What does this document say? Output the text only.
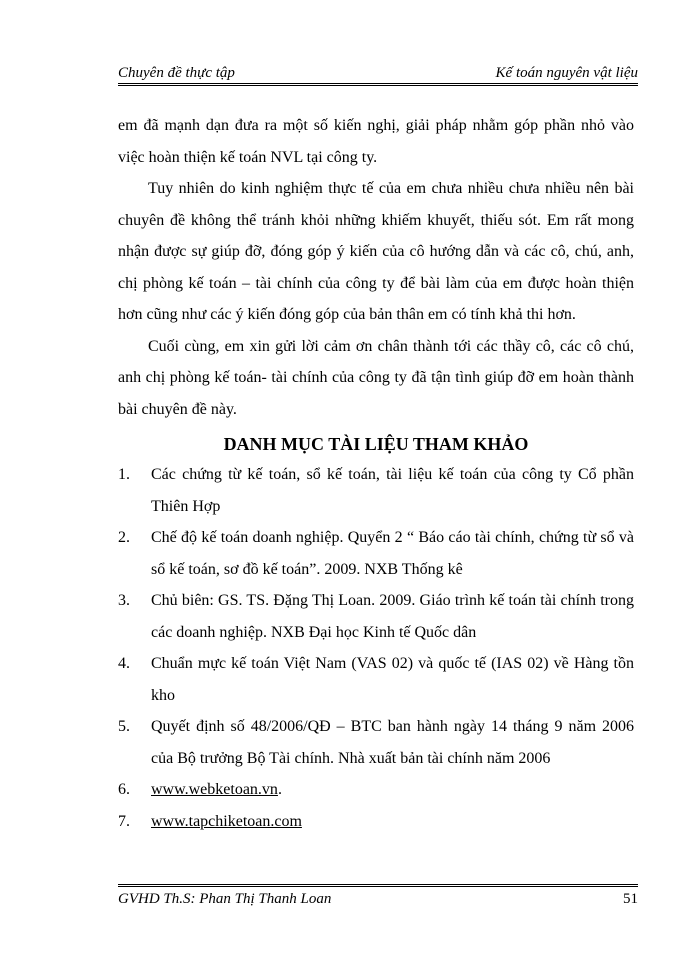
Chuyên đề thực tập	Kế toán nguyên vật liệu

em đã mạnh dạn đưa ra một số kiến nghị, giải pháp nhằm góp phần nhỏ vào việc hoàn thiện kế toán NVL tại công ty.

Tuy nhiên do kinh nghiệm thực tế của em chưa nhiều chưa nhiều nên bài chuyên đề không thể tránh khỏi những khiếm khuyết, thiếu sót. Em rất mong nhận được sự giúp đỡ, đóng góp ý kiến của cô hướng dẫn và các cô, chú, anh, chị phòng kế toán – tài chính của công ty để bài làm của em được hoàn thiện hơn cũng như các ý kiến đóng góp của bản thân em có tính khả thi hơn.

Cuối cùng, em xin gửi lời cảm ơn chân thành tới các thầy cô, các cô chú, anh chị phòng kế toán- tài chính của công ty đã tận tình giúp đỡ em hoàn thành bài chuyên đề này.

DANH MỤC TÀI LIỆU THAM KHẢO
1.	Các chứng từ kế toán, sổ kế toán, tài liệu kế toán của công ty Cổ phần Thiên Hợp
2.	Chế độ kế toán doanh nghiệp. Quyển 2 “ Báo cáo tài chính, chứng từ sổ và sổ kế toán, sơ đồ kế toán”. 2009. NXB Thống kê
3.	Chủ biên: GS. TS. Đặng Thị Loan. 2009. Giáo trình kế toán tài chính trong các doanh nghiệp. NXB Đại học Kinh tế Quốc dân
4.	Chuẩn mực kế toán Việt Nam (VAS 02) và quốc tế (IAS 02) về Hàng tồn kho
5.	Quyết định số 48/2006/QĐ – BTC ban hành ngày 14 tháng 9 năm 2006 của Bộ trưởng Bộ Tài chính. Nhà xuất bản tài chính năm 2006
6.	www.webketoan.vn.
7.	www.tapchiketoan.com
GVHD Th.S: Phan Thị Thanh Loan	51
